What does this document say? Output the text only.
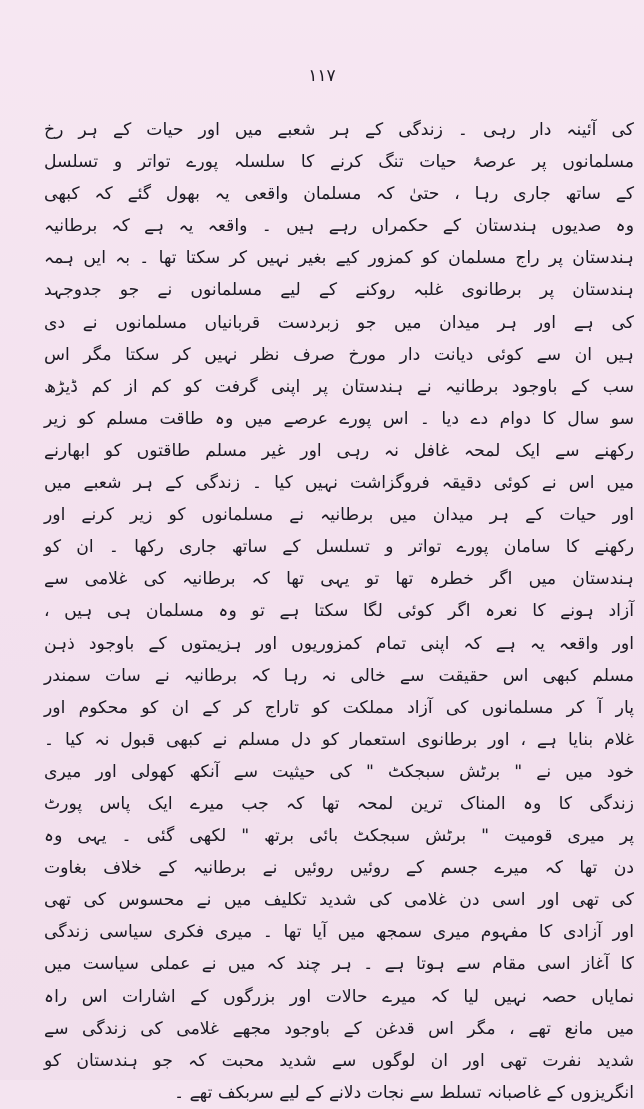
۱۱۷
کی آئینہ دار رہی ۔ زندگی کے ہر شعبے میں اور حیات کے ہر رخ
مسلمانوں پر عرصۂ حیات تنگ کرنے کا سلسلہ پورے تواتر و تسلسل
کے ساتھ جاری رہا ، حتیٰ کہ مسلمان واقعی یہ بھول گئے کہ کبھی
وہ صدیوں ہندستان کے حکمراں رہے ہیں ۔ واقعہ یہ ہے کہ برطانیہ
ہندستان پر راج مسلمان کو کمزور کیے بغیر نہیں کر سکتا تھا ۔ بہ ایں ہمہ
ہندستان پر برطانوی غلبہ روکنے کے لیے مسلمانوں نے جو جدوجہد
کی ہے اور ہر میدان میں جو زبردست قربانیاں مسلمانوں نے دی
ہیں ان سے کوئی دیانت دار مورخ صرف نظر نہیں کر سکتا مگر اس
سب کے باوجود برطانیہ نے ہندستان پر اپنی گرفت کو کم از کم ڈیڑھ
سو سال کا دوام دے دیا ۔ اس پورے عرصے میں وہ طاقت مسلم کو زیر
رکھنے سے ایک لمحہ غافل نہ رہی اور غیر مسلم طاقتوں کو ابھارنے
میں اس نے کوئی دقیقہ فروگزاشت نہیں کیا ۔ زندگی کے ہر شعبے میں
اور حیات کے ہر میدان میں برطانیہ نے مسلمانوں کو زیر کرنے اور
رکھنے کا سامان پورے تواتر و تسلسل کے ساتھ جاری رکھا ۔ ان کو
ہندستان میں اگر خطرہ تھا تو یہی تھا کہ برطانیہ کی غلامی سے
آزاد ہونے کا نعرہ اگر کوئی لگا سکتا ہے تو وہ مسلمان ہی ہیں ،
اور واقعہ یہ ہے کہ اپنی تمام کمزوریوں اور ہزیمتوں کے باوجود ذہن
مسلم کبھی اس حقیقت سے خالی نہ رہا کہ برطانیہ نے سات سمندر
پار آ کر مسلمانوں کی آزاد مملکت کو تاراج کر کے ان کو محکوم اور
غلام بنایا ہے ، اور برطانوی استعمار کو دل مسلم نے کبھی قبول نہ کیا ۔
خود میں نے " برٹش سبجکٹ " کی حیثیت سے آنکھ کھولی اور میری
زندگی کا وہ المناک ترین لمحہ تھا کہ جب میرے ایک پاس پورٹ
پر میری قومیت " برٹش سبجکٹ بائی برتھ " لکھی گئی ۔ یہی وہ
دن تھا کہ میرے جسم کے روئیں روئیں نے برطانیہ کے خلاف بغاوت
کی تھی اور اسی دن غلامی کی شدید تکلیف میں نے محسوس کی تھی
اور آزادی کا مفہوم میری سمجھ میں آیا تھا ۔ میری فکری سیاسی زندگی
کا آغاز اسی مقام سے ہوتا ہے ۔ ہر چند کہ میں نے عملی سیاست میں
نمایاں حصہ نہیں لیا کہ میرے حالات اور بزرگوں کے اشارات اس راہ
میں مانع تھے ، مگر اس قدغن کے باوجود مجھے غلامی کی زندگی سے
شدید نفرت تھی اور ان لوگوں سے شدید محبت کہ جو ہندستان کو
انگریزوں کے غاصبانہ تسلط سے نجات دلانے کے لیے سربکف تھے ۔
